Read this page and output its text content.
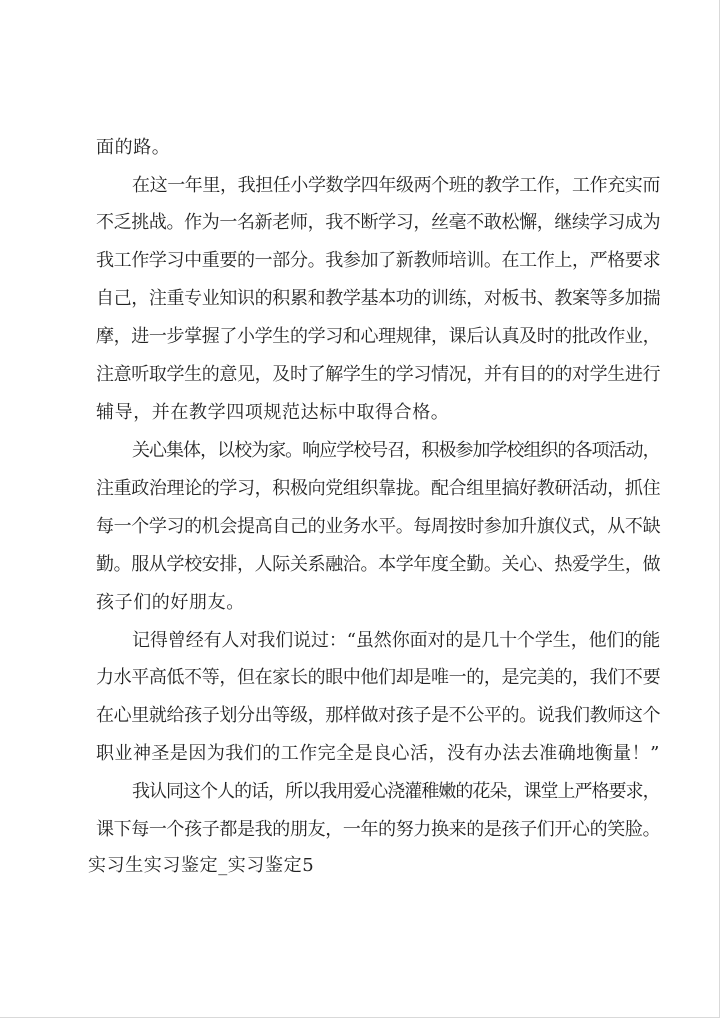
面的路。
在这一年里，我担任小学数学四年级两个班的教学工作，工作充实而
不乏挑战。作为一名新老师，我不断学习，丝毫不敢松懈，继续学习成为
我工作学习中重要的一部分。我参加了新教师培训。在工作上，严格要求
自己，注重专业知识的积累和教学基本功的训练，对板书、教案等多加揣
摩，进一步掌握了小学生的学习和心理规律，课后认真及时的批改作业，
注意听取学生的意见，及时了解学生的学习情况，并有目的的对学生进行
辅导，并在教学四项规范达标中取得合格。
关心集体，以校为家。响应学校号召，积极参加学校组织的各项活动，
注重政治理论的学习，积极向党组织靠拢。配合组里搞好教研活动，抓住
每一个学习的机会提高自己的业务水平。每周按时参加升旗仪式，从不缺
勤。服从学校安排，人际关系融洽。本学年度全勤。关心、热爱学生，做
孩子们的好朋友。
记得曾经有人对我们说过：“虽然你面对的是几十个学生，他们的能
力水平高低不等，但在家长的眼中他们却是唯一的，是完美的，我们不要
在心里就给孩子划分出等级，那样做对孩子是不公平的。说我们教师这个
职业神圣是因为我们的工作完全是良心活，没有办法去准确地衡量！”
我认同这个人的话，所以我用爱心浇灌稚嫩的花朵，课堂上严格要求，
课下每一个孩子都是我的朋友，一年的努力换来的是孩子们开心的笑脸。
实习生实习鉴定_实习鉴定5
